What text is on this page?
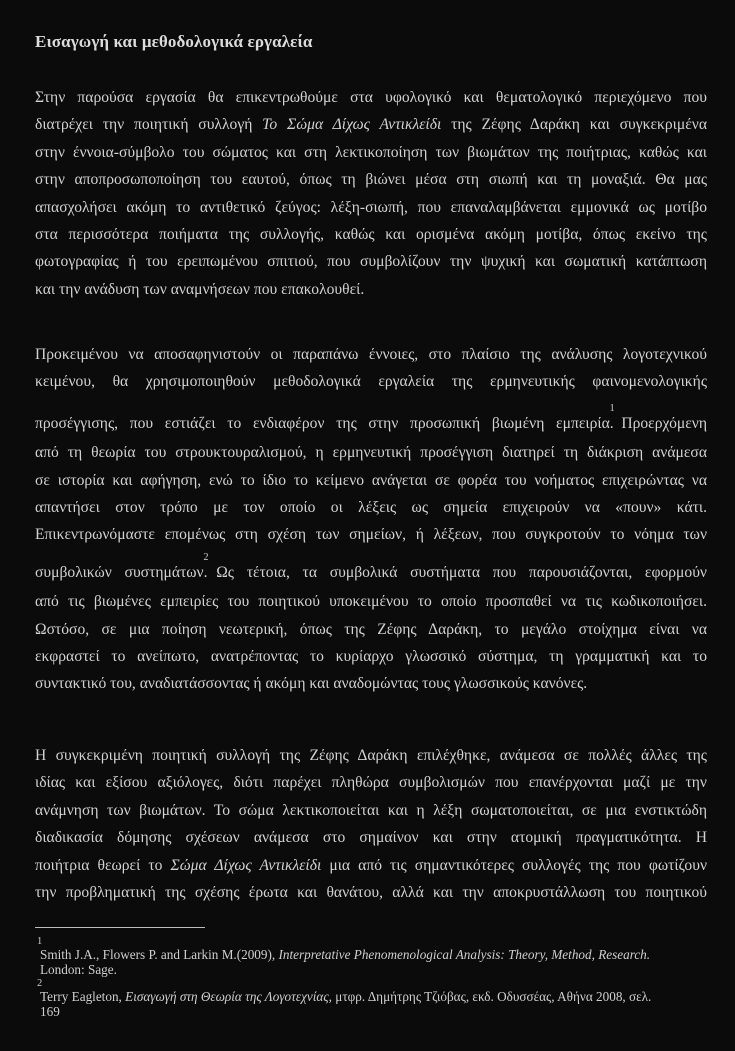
Εισαγωγή και μεθοδολογικά εργαλεία
Στην παρούσα εργασία θα επικεντρωθούμε στα υφολογικό και θεματολογικό περιεχόμενο που
διατρέχει την ποιητική συλλογή Το Σώμα Δίχως Αντικλείδι της Ζέφης Δαράκη και συγκεκριμένα
στην έννοια-σύμβολο του σώματος και στη λεκτικοποίηση των βιωμάτων της ποιήτριας, καθώς και
στην αποπροσωποποίηση του εαυτού, όπως τη βιώνει μέσα στη σιωπή και τη μοναξιά. Θα μας
απασχολήσει ακόμη το αντιθετικό ζεύγος: λέξη-σιωπή, που επαναλαμβάνεται εμμονικά ως μοτίβο
στα περισσότερα ποιήματα της συλλογής, καθώς και ορισμένα ακόμη μοτίβα, όπως εκείνο της
φωτογραφίας ή του ερειπωμένου σπιτιού, που συμβολίζουν την ψυχική και σωματική κατάπτωση
και την ανάδυση των αναμνήσεων που επακολουθεί.
Προκειμένου να αποσαφηνιστούν οι παραπάνω έννοιες, στο πλαίσιο της ανάλυσης λογοτεχνικού
κειμένου, θα χρησιμοποιηθούν μεθοδολογικά εργαλεία της ερμηνευτικής φαινομενολογικής
προσέγγισης, που εστιάζει το ενδιαφέρον της στην προσωπική βιωμένη εμπειρία.1 Προερχόμενη
από τη θεωρία του στρουκτουραλισμού, η ερμηνευτική προσέγγιση διατηρεί τη διάκριση ανάμεσα
σε ιστορία και αφήγηση, ενώ το ίδιο το κείμενο ανάγεται σε φορέα του νοήματος επιχειρώντας να
απαντήσει στον τρόπο με τον οποίο οι λέξεις ως σημεία επιχειρούν να «πουν» κάτι.
Επικεντρωνόμαστε επομένως στη σχέση των σημείων, ή λέξεων, που συγκροτούν το νόημα των
συμβολικών συστημάτων.2 Ως τέτοια, τα συμβολικά συστήματα που παρουσιάζονται, εφορμούν
από τις βιωμένες εμπειρίες του ποιητικού υποκειμένου το οποίο προσπαθεί να τις κωδικοποιήσει.
Ωστόσο, σε μια ποίηση νεωτερική, όπως της Ζέφης Δαράκη, το μεγάλο στοίχημα είναι να
εκφραστεί το ανείπωτο, ανατρέποντας το κυρίαρχο γλωσσικό σύστημα, τη γραμματική και το
συντακτικό του, αναδιατάσσοντας ή ακόμη και αναδομώντας τους γλωσσικούς κανόνες.
Η συγκεκριμένη ποιητική συλλογή της Ζέφης Δαράκη επιλέχθηκε, ανάμεσα σε πολλές άλλες της
ιδίας και εξίσου αξιόλογες, διότι παρέχει πληθώρα συμβολισμών που επανέρχονται μαζί με την
ανάμνηση των βιωμάτων. Το σώμα λεκτικοποιείται και η λέξη σωματοποιείται, σε μια ενστικτώδη
διαδικασία δόμησης σχέσεων ανάμεσα στο σημαίνον και στην ατομική πραγματικότητα. Η
ποιήτρια θεωρεί το Σώμα Δίχως Αντικλείδι μια από τις σημαντικότερες συλλογές της που φωτίζουν
την προβληματική της σχέσης έρωτα και θανάτου, αλλά και την αποκρυστάλλωση του ποιητικού
1
Smith J.A., Flowers P. and Larkin M.(2009), Interpretative Phenomenological Analysis: Theory, Method, Research.
London: Sage.
2
Terry Eagleton, Εισαγωγή στη Θεωρία της Λογοτεχνίας, μτφρ. Δημήτρης Τζιόβας, εκδ. Οδυσσέας, Αθήνα 2008, σελ.
169
